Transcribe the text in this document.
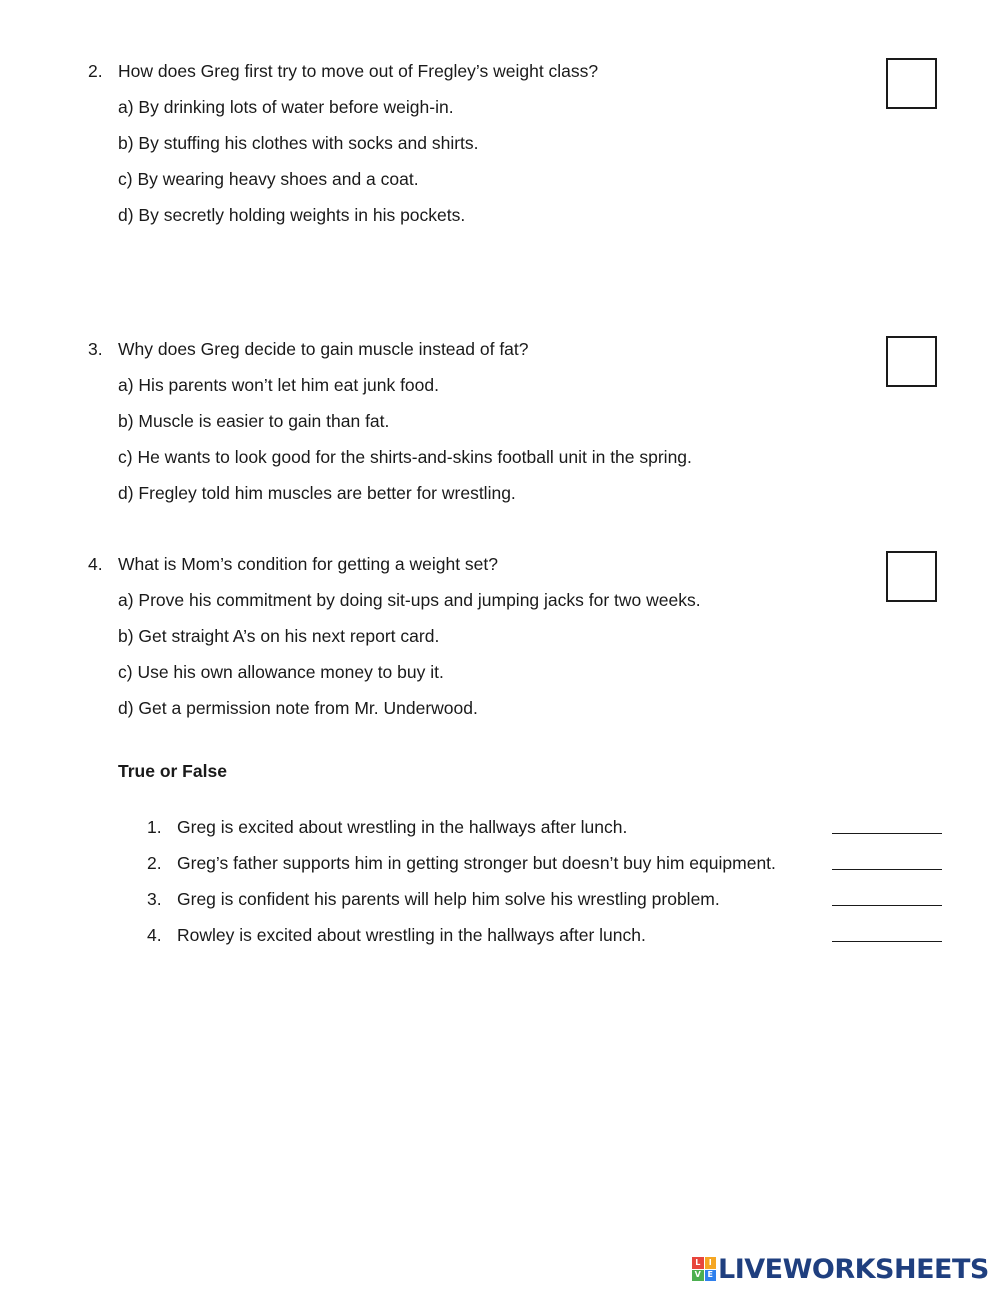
2. How does Greg first try to move out of Fregley’s weight class?
a) By drinking lots of water before weigh-in.
b) By stuffing his clothes with socks and shirts.
c) By wearing heavy shoes and a coat.
d) By secretly holding weights in his pockets.
3. Why does Greg decide to gain muscle instead of fat?
a) His parents won’t let him eat junk food.
b) Muscle is easier to gain than fat.
c) He wants to look good for the shirts-and-skins football unit in the spring.
d) Fregley told him muscles are better for wrestling.
4. What is Mom’s condition for getting a weight set?
a) Prove his commitment by doing sit-ups and jumping jacks for two weeks.
b) Get straight A’s on his next report card.
c) Use his own allowance money to buy it.
d) Get a permission note from Mr. Underwood.
True or False
1. Greg is excited about wrestling in the hallways after lunch.
2. Greg’s father supports him in getting stronger but doesn’t buy him equipment.
3. Greg is confident his parents will help him solve his wrestling problem.
4. Rowley is excited about wrestling in the hallways after lunch.
L	I
V E LIVEWORKSHEETS
